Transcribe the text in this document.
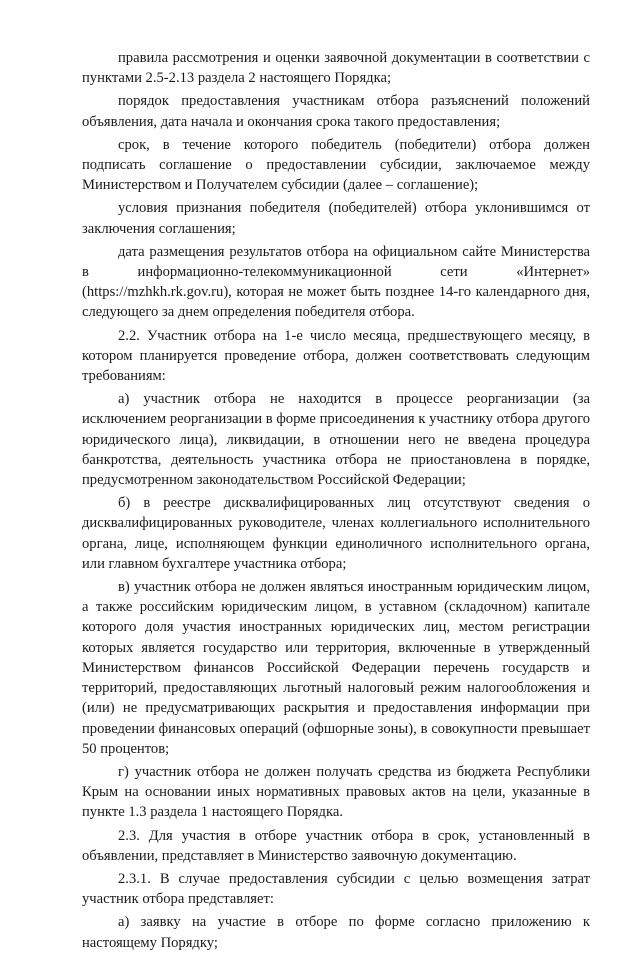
правила рассмотрения и оценки заявочной документации в соответствии с пунктами 2.5-2.13 раздела 2 настоящего Порядка;

порядок предоставления участникам отбора разъяснений положений объявления, дата начала и окончания срока такого предоставления;

срок, в течение которого победитель (победители) отбора должен подписать соглашение о предоставлении субсидии, заключаемое между Министерством и Получателем субсидии (далее – соглашение);

условия признания победителя (победителей) отбора уклонившимся от заключения соглашения;

дата размещения результатов отбора на официальном сайте Министерства в информационно-телекоммуникационной сети «Интернет» (https://mzhkh.rk.gov.ru), которая не может быть позднее 14-го календарного дня, следующего за днем определения победителя отбора.

2.2. Участник отбора на 1-е число месяца, предшествующего месяцу, в котором планируется проведение отбора, должен соответствовать следующим требованиям:

а) участник отбора не находится в процессе реорганизации (за исключением реорганизации в форме присоединения к участнику отбора другого юридического лица), ликвидации, в отношении него не введена процедура банкротства, деятельность участника отбора не приостановлена в порядке, предусмотренном законодательством Российской Федерации;

б) в реестре дисквалифицированных лиц отсутствуют сведения о дисквалифицированных руководителе, членах коллегиального исполнительного органа, лице, исполняющем функции единоличного исполнительного органа, или главном бухгалтере участника отбора;

в) участник отбора не должен являться иностранным юридическим лицом, а также российским юридическим лицом, в уставном (складочном) капитале которого доля участия иностранных юридических лиц, местом регистрации которых является государство или территория, включенные в утвержденный Министерством финансов Российской Федерации перечень государств и территорий, предоставляющих льготный налоговый режим налогообложения и (или) не предусматривающих раскрытия и предоставления информации при проведении финансовых операций (офшорные зоны), в совокупности превышает 50 процентов;

г) участник отбора не должен получать средства из бюджета Республики Крым на основании иных нормативных правовых актов на цели, указанные в пункте 1.3 раздела 1 настоящего Порядка.

2.3. Для участия в отборе участник отбора в срок, установленный в объявлении, представляет в Министерство заявочную документацию.

2.3.1. В случае предоставления субсидии с целью возмещения затрат участник отбора представляет:

а) заявку на участие в отборе по форме согласно приложению к настоящему Порядку;
